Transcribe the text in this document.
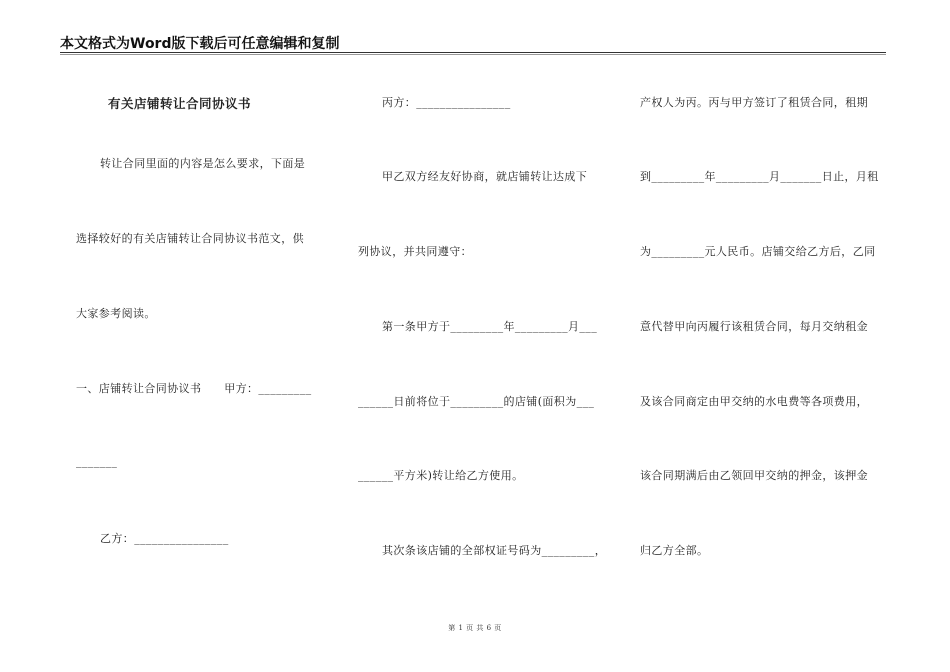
本文格式为Word版下载后可任意编辑和复制
有关店铺转让合同协议书
转让合同里面的内容是怎么要求，下面是
选择较好的有关店铺转让合同协议书范文，供
大家参考阅读。
一、店铺转让合同协议书　　甲方：_________
_______
乙方：________________
丙方：________________
甲乙双方经友好协商，就店铺转让达成下
列协议，并共同遵守：
第一条甲方于_________年_________月___
______日前将位于_________的店铺(面积为___
______平方米)转让给乙方使用。
其次条该店铺的全部权证号码为_________，
产权人为丙。丙与甲方签订了租赁合同，租期
到_________年_________月_______日止，月租
为_________元人民币。店铺交给乙方后，乙同
意代替甲向丙履行该租赁合同，每月交纳租金
及该合同商定由甲交纳的水电费等各项费用，
该合同期满后由乙领回甲交纳的押金，该押金
归乙方全部。
第 1 页 共 6 页
